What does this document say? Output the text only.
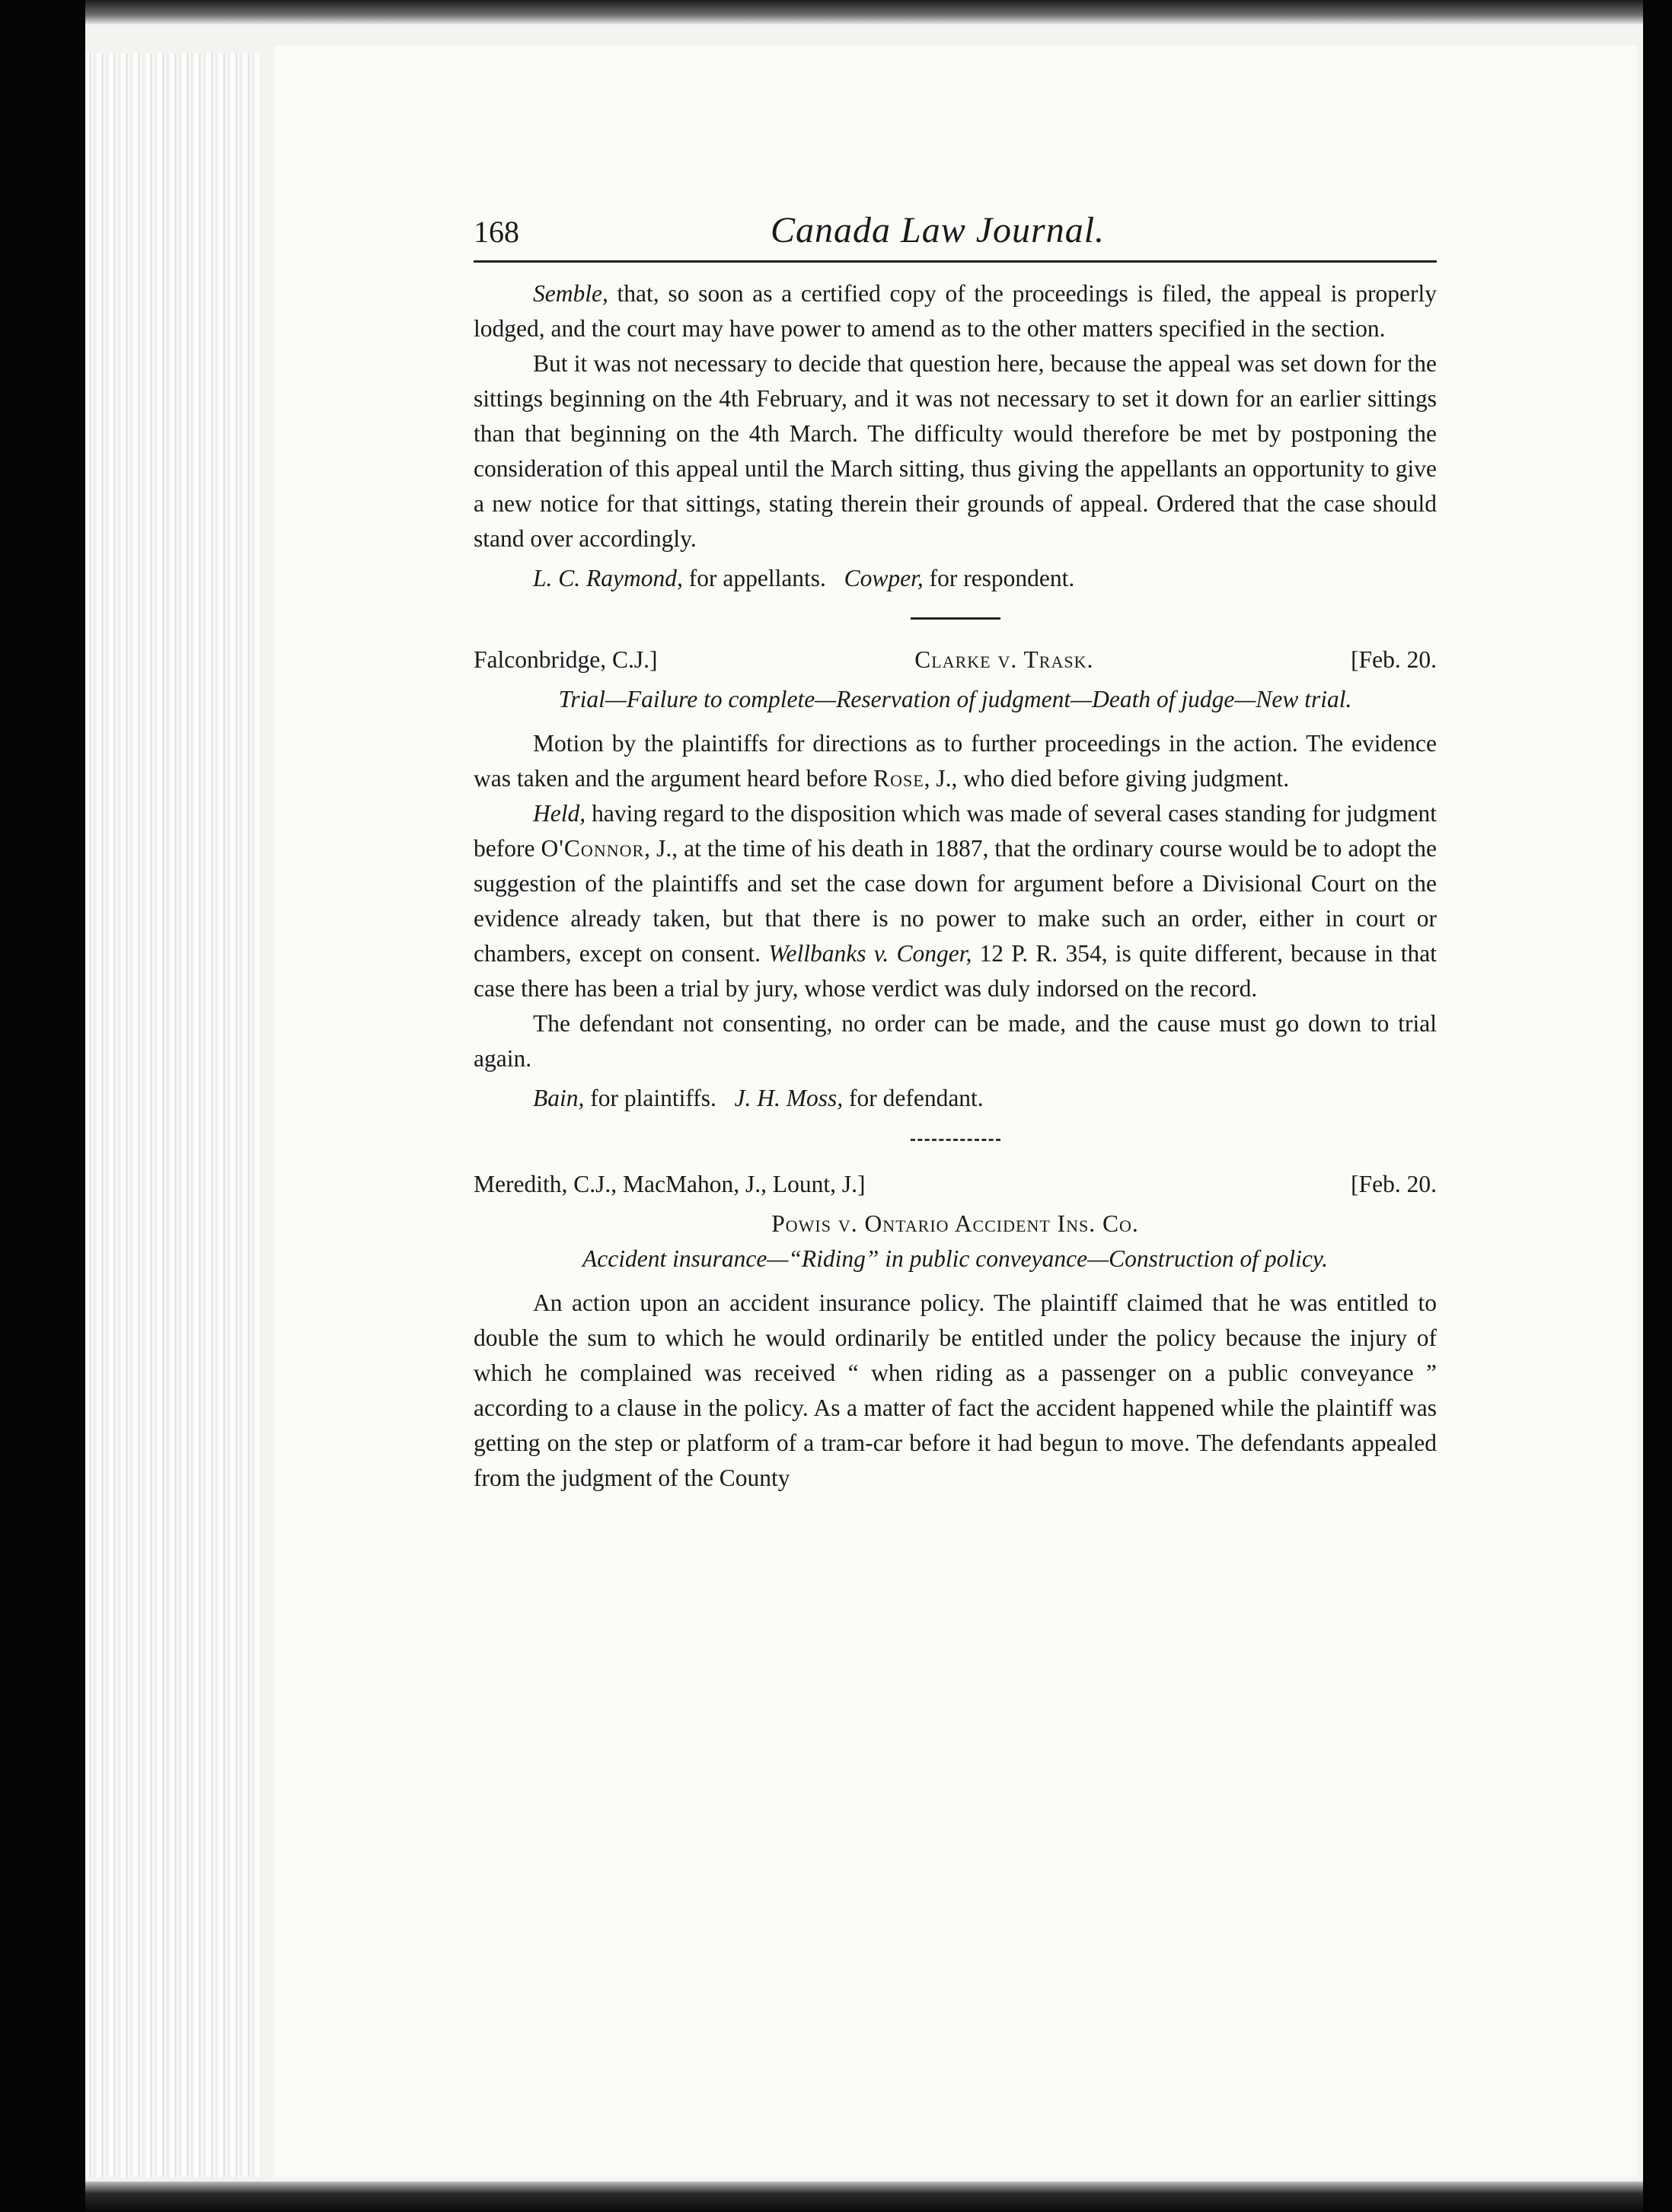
168	Canada Law Journal.

Semble, that, so soon as a certified copy of the proceedings is filed, the appeal is properly lodged, and the court may have power to amend as to the other matters specified in the section.

But it was not necessary to decide that question here, because the appeal was set down for the sittings beginning on the 4th February, and it was not necessary to set it down for an earlier sittings than that beginning on the 4th March. The difficulty would therefore be met by postponing the consideration of this appeal until the March sitting, thus giving the appellants an opportunity to give a new notice for that sittings, stating therein their grounds of appeal. Ordered that the case should stand over accordingly.

L. C. Raymond, for appellants. Cowper, for respondent.

Falconbridge, C.J.]	Clarke v. Trask.	[Feb. 20.
Trial—Failure to complete—Reservation of judgment—Death of judge—New trial.

Motion by the plaintiffs for directions as to further proceedings in the action. The evidence was taken and the argument heard before Rose, J., who died before giving judgment.

Held, having regard to the disposition which was made of several cases standing for judgment before O'Connor, J., at the time of his death in 1887, that the ordinary course would be to adopt the suggestion of the plaintiffs and set the case down for argument before a Divisional Court on the evidence already taken, but that there is no power to make such an order, either in court or chambers, except on consent. Wellbanks v. Conger, 12 P. R. 354, is quite different, because in that case there has been a trial by jury, whose verdict was duly indorsed on the record.

The defendant not consenting, no order can be made, and the cause must go down to trial again.

Bain, for plaintiffs. J. H. Moss, for defendant.

Meredith, C.J., MacMahon, J., Lount, J.]	[Feb. 20.
Powis v. Ontario Accident Ins. Co.
Accident insurance—“Riding” in public conveyance—Construction of policy.

An action upon an accident insurance policy. The plaintiff claimed that he was entitled to double the sum to which he would ordinarily be entitled under the policy because the injury of which he complained was received “ when riding as a passenger on a public conveyance ” according to a clause in the policy. As a matter of fact the accident happened while the plaintiff was getting on the step or platform of a tram-car before it had begun to move. The defendants appealed from the judgment of the County
